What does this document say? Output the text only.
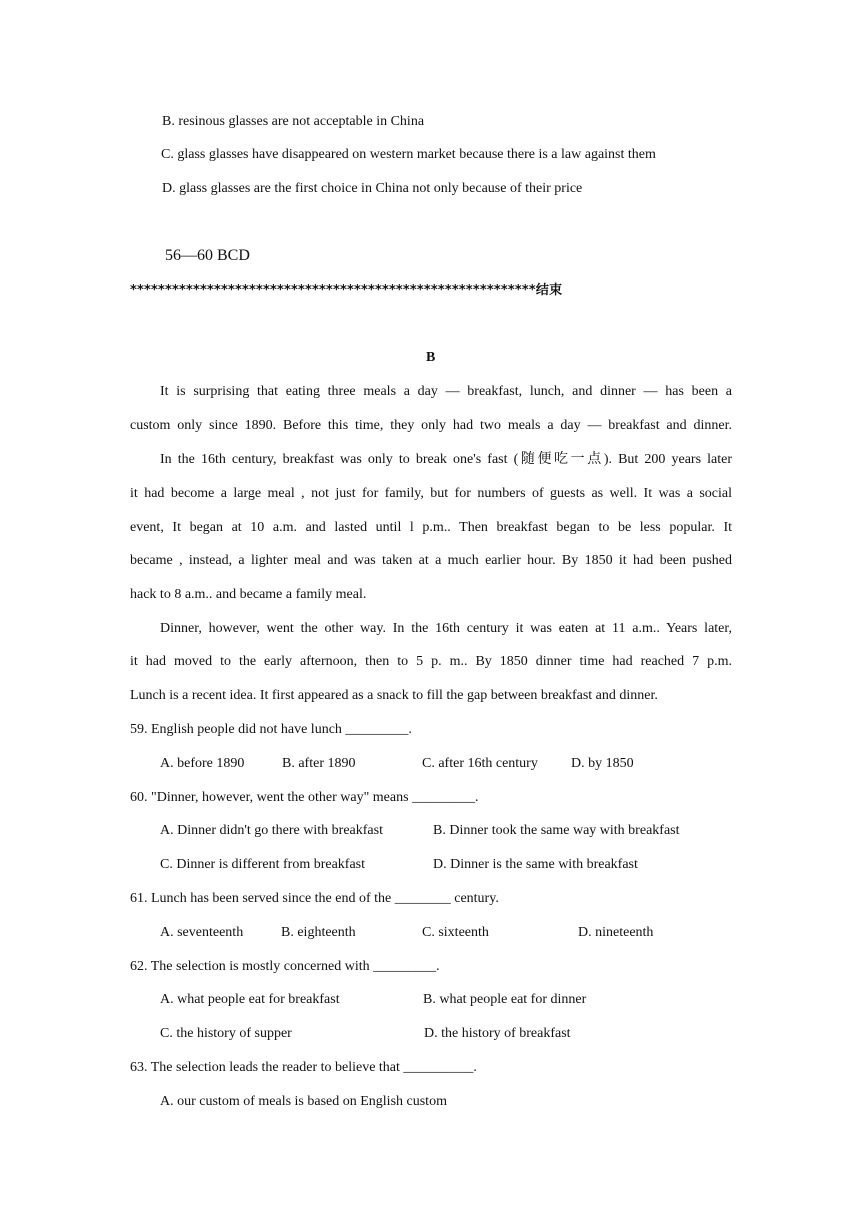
B. resinous glasses are not acceptable in China
C. glass glasses have disappeared on western market because there is a law against them
D. glass glasses are the first choice in China not only because of their price
56—60 BCD
**********************************************************结束
B
It is surprising that eating three meals a day — breakfast, lunch, and dinner — has been a
custom only since 1890. Before this time, they only had two meals a day — breakfast and dinner.
In the 16th century, breakfast was only to break one's fast (随便吃一点). But 200 years later
it had become a large meal , not just for family, but for numbers of guests as well. It was a social
event, It began at 10 a.m. and lasted until l p.m.. Then breakfast began to be less popular. It
became , instead, a lighter meal and was taken at a much earlier hour. By 1850 it had been pushed
hack to 8 a.m.. and became a family meal.
Dinner, however, went the other way. In the 16th century it was eaten at 11 a.m.. Years later,
it had moved to the early afternoon, then to 5 p. m.. By 1850 dinner time had reached 7 p.m.
Lunch is a recent idea. It first appeared as a snack to fill the gap between breakfast and dinner.
59. English people did not have lunch _________.
A. before 1890	B. after 1890	C. after 16th century D. by 1850
60. "Dinner, however, went the other way" means _________.
A. Dinner didn't go there with breakfast	B. Dinner took the same way with breakfast
C. Dinner is different from breakfast	D. Dinner is the same with breakfast
61. Lunch has been served since the end of the ________ century.
A. seventeenth	B. eighteenth	C. sixteenth	D. nineteenth
62. The selection is mostly concerned with _________.
A. what people eat for breakfast	B. what people eat for dinner
C. the history of supper	D. the history of breakfast
63. The selection leads the reader to believe that __________.
A. our custom of meals is based on English custom
